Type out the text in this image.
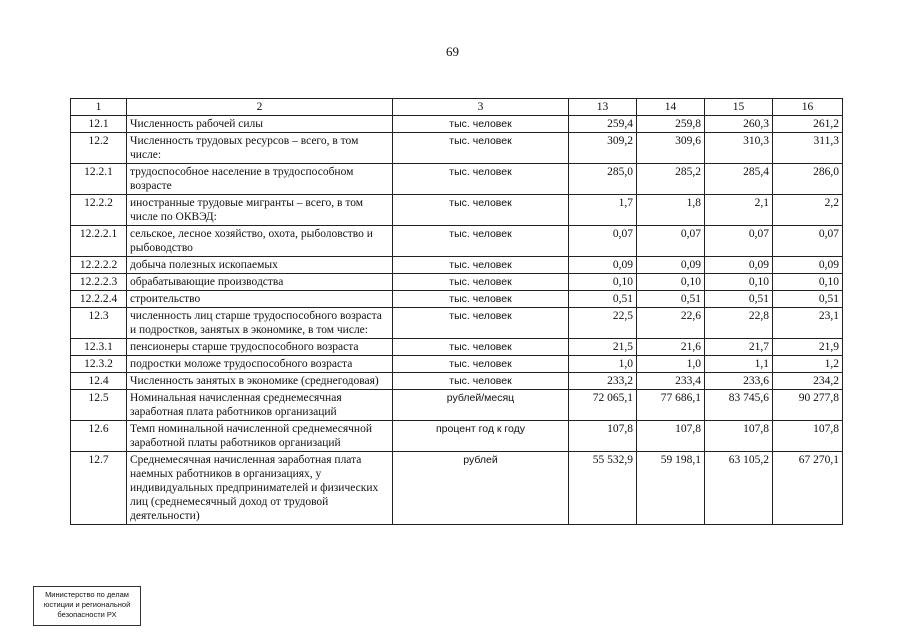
69
1	2	3	13	14	15	16
12.1	Численность рабочей силы	тыс. человек	259,4	259,8	260,3	261,2
12.2	Численность трудовых ресурсов – всего, в том числе:	тыс. человек	309,2	309,6	310,3	311,3
12.2.1	трудоспособное население в трудоспособном возрасте	тыс. человек	285,0	285,2	285,4	286,0
12.2.2	иностранные трудовые мигранты – всего, в том числе по ОКВЭД:	тыс. человек	1,7	1,8	2,1	2,2
12.2.2.1	сельское, лесное хозяйство, охота, рыболовство и рыбоводство	тыс. человек	0,07	0,07	0,07	0,07
12.2.2.2	добыча полезных ископаемых	тыс. человек	0,09	0,09	0,09	0,09
12.2.2.3	обрабатывающие производства	тыс. человек	0,10	0,10	0,10	0,10
12.2.2.4	строительство	тыс. человек	0,51	0,51	0,51	0,51
12.3	численность лиц старше трудоспособного возраста и подростков, занятых в экономике, в том числе:	тыс. человек	22,5	22,6	22,8	23,1
12.3.1	пенсионеры старше трудоспособного возраста	тыс. человек	21,5	21,6	21,7	21,9
12.3.2	подростки моложе трудоспособного возраста	тыс. человек	1,0	1,0	1,1	1,2
12.4	Численность занятых в экономике (среднегодовая)	тыс. человек	233,2	233,4	233,6	234,2
12.5	Номинальная начисленная среднемесячная заработная плата работников организаций	рублей/месяц	72 065,1	77 686,1	83 745,6	90 277,8
12.6	Темп номинальной начисленной среднемесячной заработной платы работников организаций	процент год к году	107,8	107,8	107,8	107,8
12.7	Среднемесячная начисленная заработная плата наемных работников в организациях, у индивидуальных предпринимателей и физических лиц (среднемесячный доход от трудовой деятельности)	рублей	55 532,9	59 198,1	63 105,2	67 270,1
Министерство по делам
юстиции и региональной
безопасности РХ
